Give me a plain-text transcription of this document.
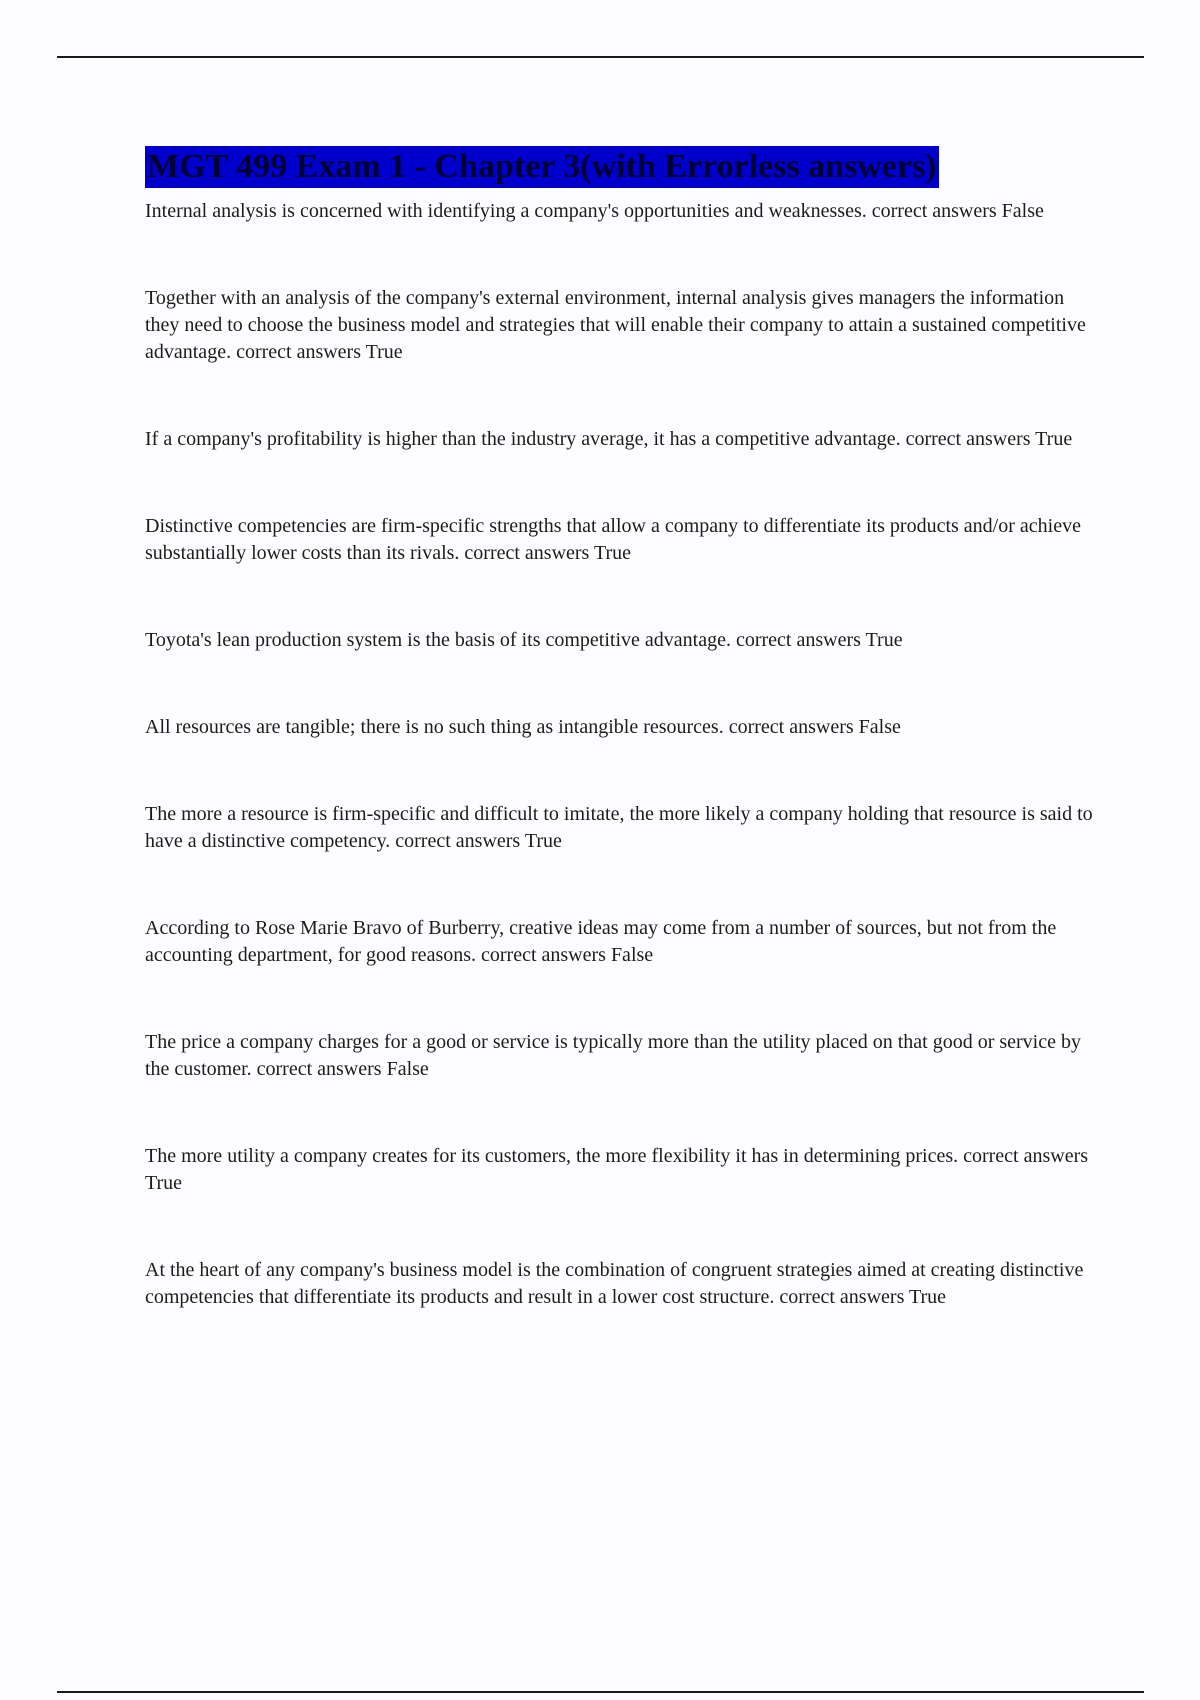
MGT 499 Exam 1 - Chapter 3(with Errorless answers)

Internal analysis is concerned with identifying a company's opportunities and weaknesses. correct answers False

Together with an analysis of the company's external environment, internal analysis gives managers the information they need to choose the business model and strategies that will enable their company to attain a sustained competitive advantage. correct answers True

If a company's profitability is higher than the industry average, it has a competitive advantage. correct answers True

Distinctive competencies are firm-specific strengths that allow a company to differentiate its products and/or achieve substantially lower costs than its rivals. correct answers True

Toyota's lean production system is the basis of its competitive advantage. correct answers True

All resources are tangible; there is no such thing as intangible resources. correct answers False

The more a resource is firm-specific and difficult to imitate, the more likely a company holding that resource is said to have a distinctive competency. correct answers True

According to Rose Marie Bravo of Burberry, creative ideas may come from a number of sources, but not from the accounting department, for good reasons. correct answers False

The price a company charges for a good or service is typically more than the utility placed on that good or service by the customer. correct answers False

The more utility a company creates for its customers, the more flexibility it has in determining prices. correct answers True

At the heart of any company's business model is the combination of congruent strategies aimed at creating distinctive competencies that differentiate its products and result in a lower cost structure. correct answers True
